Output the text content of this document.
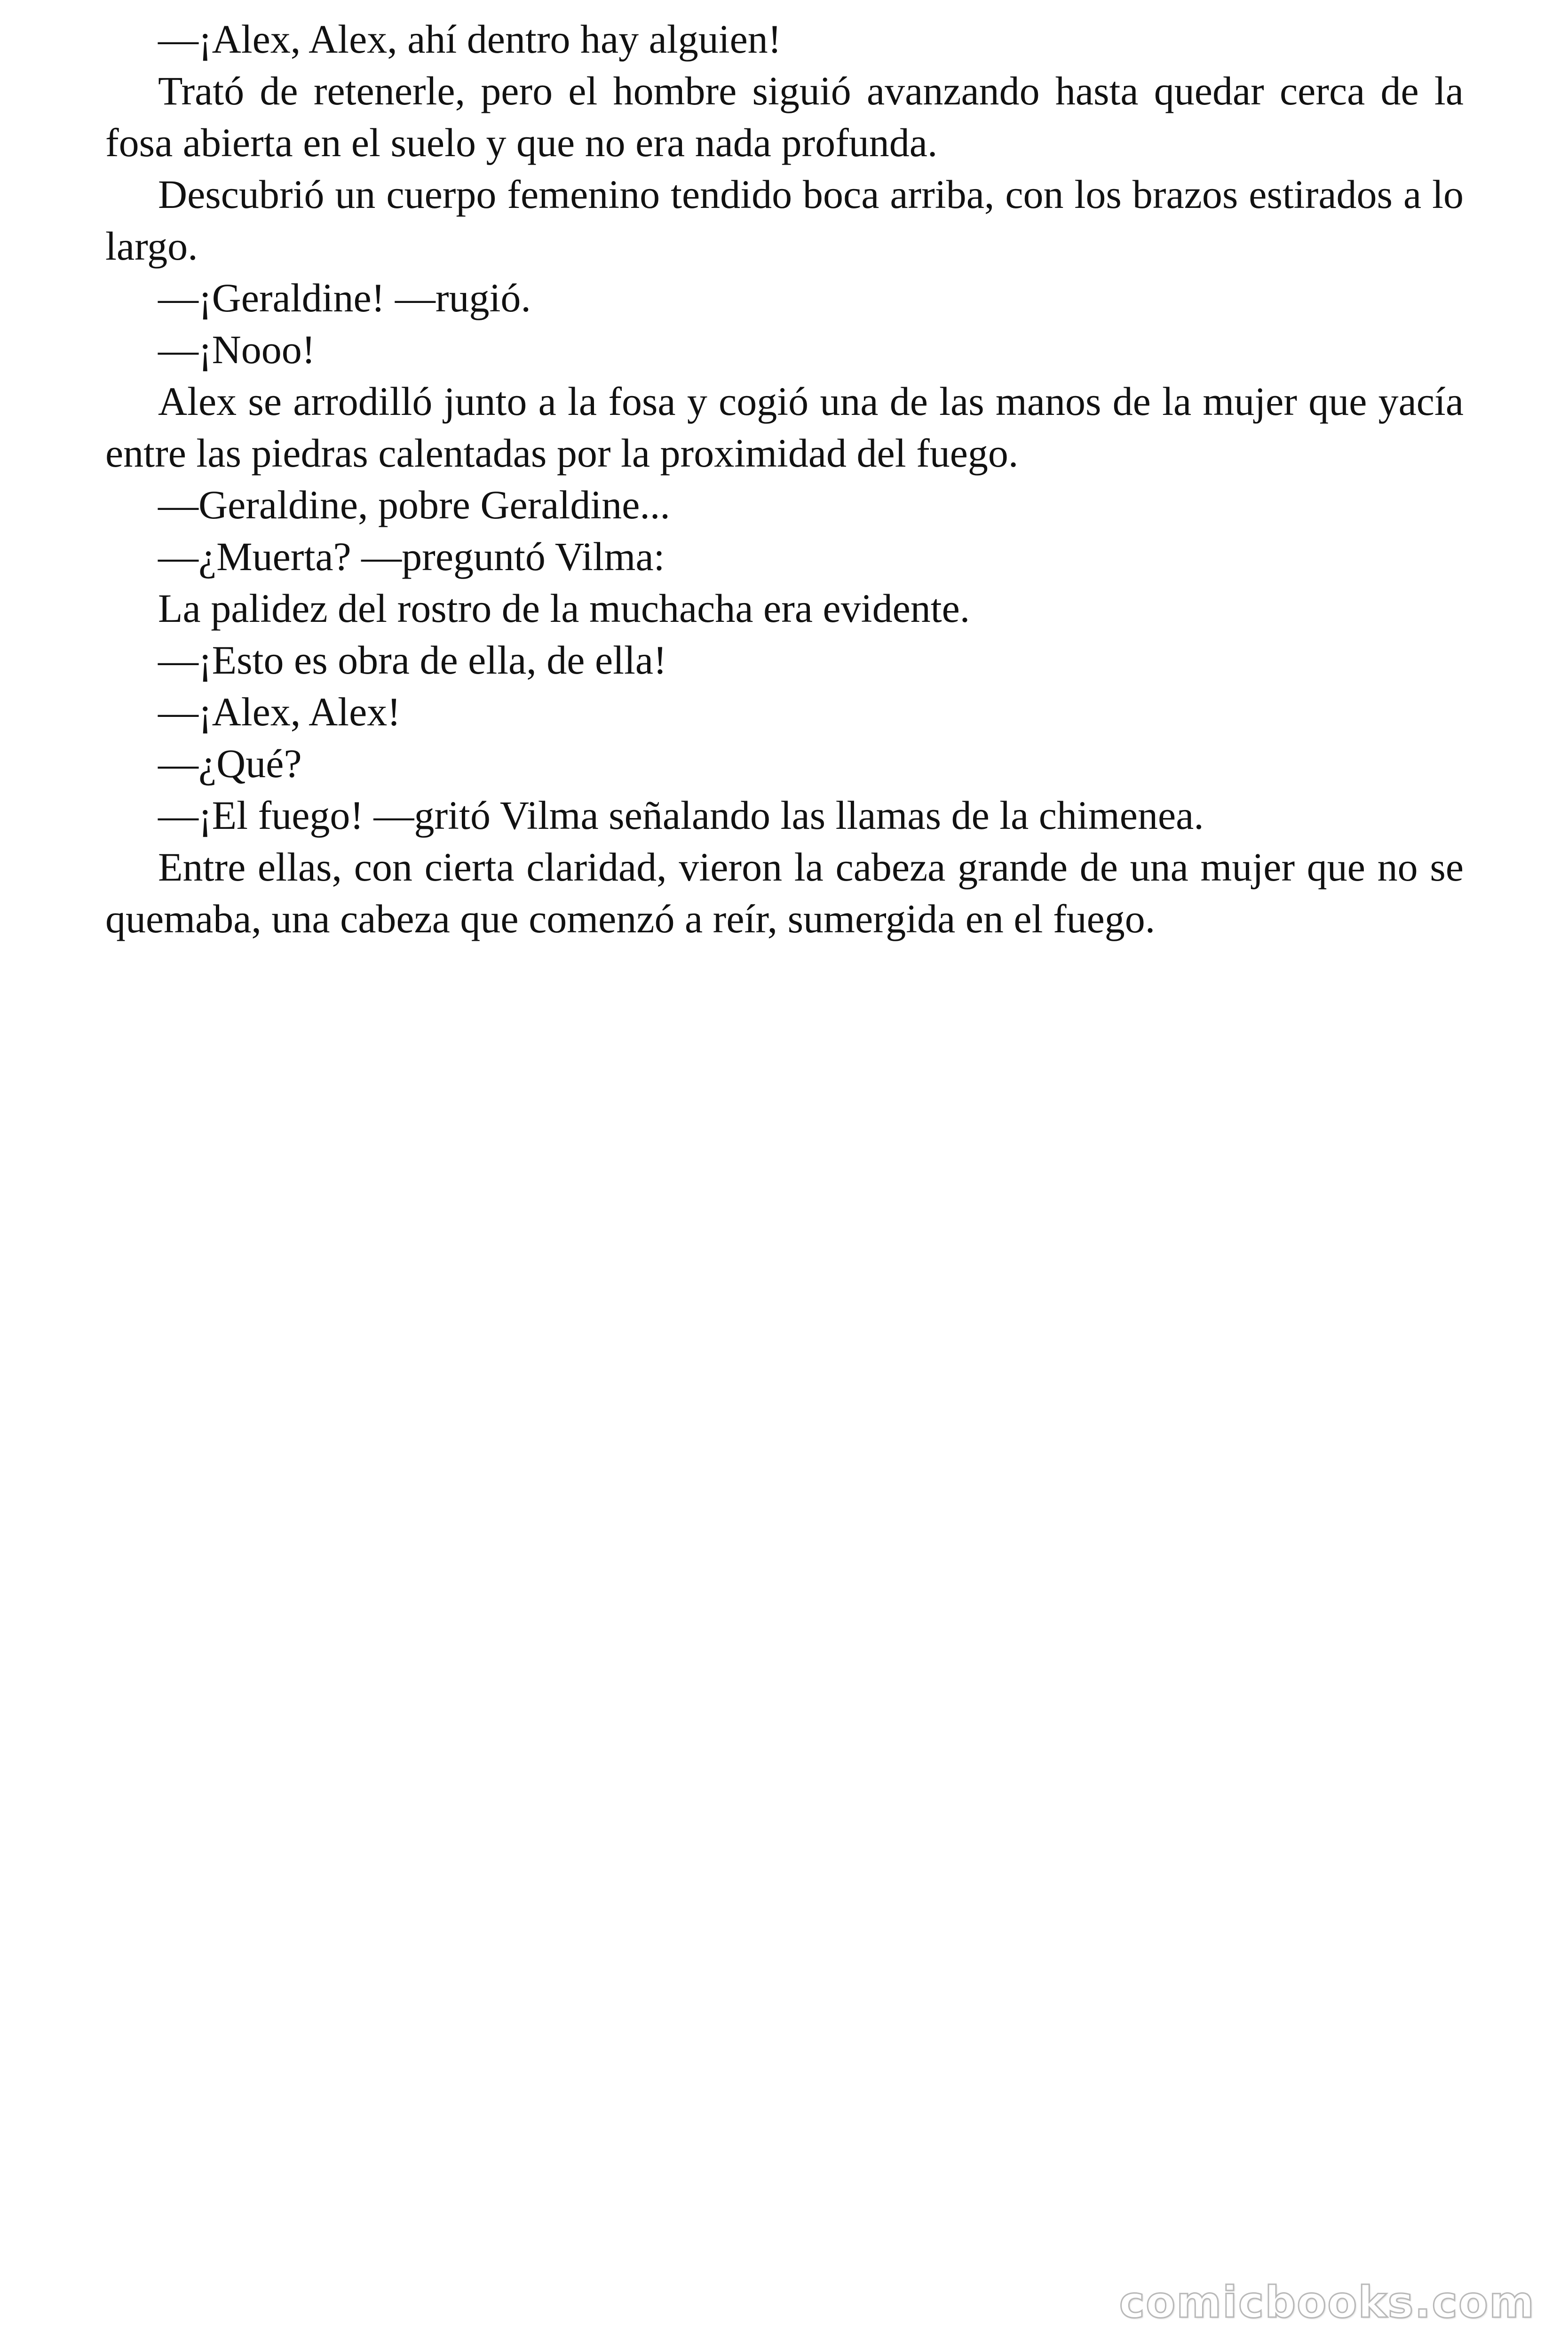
—¡Alex, Alex, ahí dentro hay alguien!

Trató de retenerle, pero el hombre siguió avanzando hasta quedar cerca de la fosa abierta en el suelo y que no era nada profunda.

Descubrió un cuerpo femenino tendido boca arriba, con los brazos estirados a lo largo.

—¡Geraldine! —rugió.

—¡Nooo!

Alex se arrodilló junto a la fosa y cogió una de las manos de la mujer que yacía entre las piedras calentadas por la proximidad del fuego.

—Geraldine, pobre Geraldine...

—¿Muerta? —preguntó Vilma:

La palidez del rostro de la muchacha era evidente.

—¡Esto es obra de ella, de ella!

—¡Alex, Alex!

—¿Qué?

—¡El fuego! —gritó Vilma señalando las llamas de la chimenea.

Entre ellas, con cierta claridad, vieron la cabeza grande de una mujer que no se quemaba, una cabeza que comenzó a reír, sumergida en el fuego.

comicbooks.com
